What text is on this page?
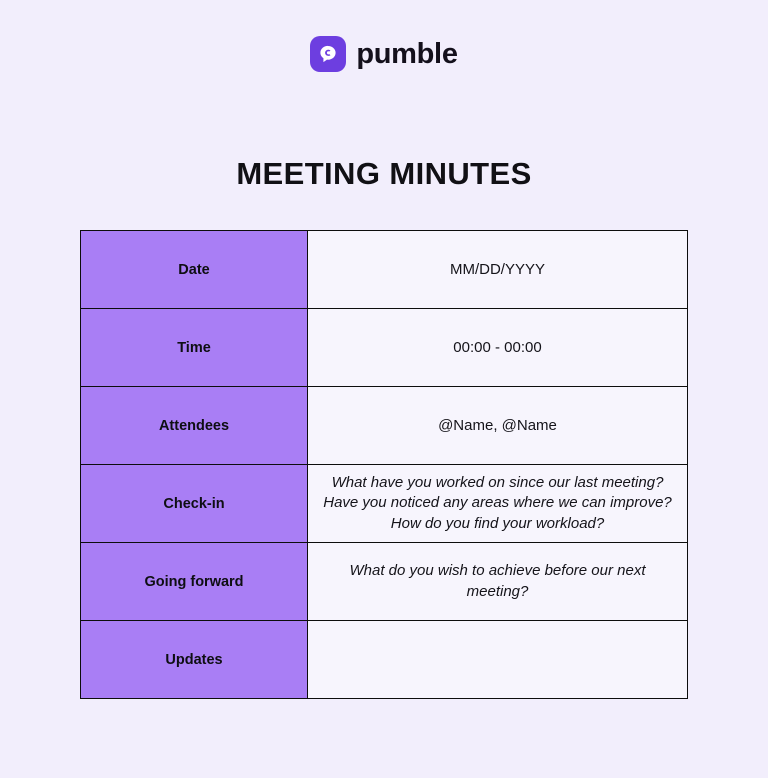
pumble
MEETING MINUTES
Date	MM/DD/YYYY

Time	00:00 - 00:00

Attendees	@Name, @Name

Check-in	What have you worked on since our last meeting?
Have you noticed any areas where we can improve?
How do you find your workload?

Going forward	What do you wish to achieve before our next meeting?

Updates	
